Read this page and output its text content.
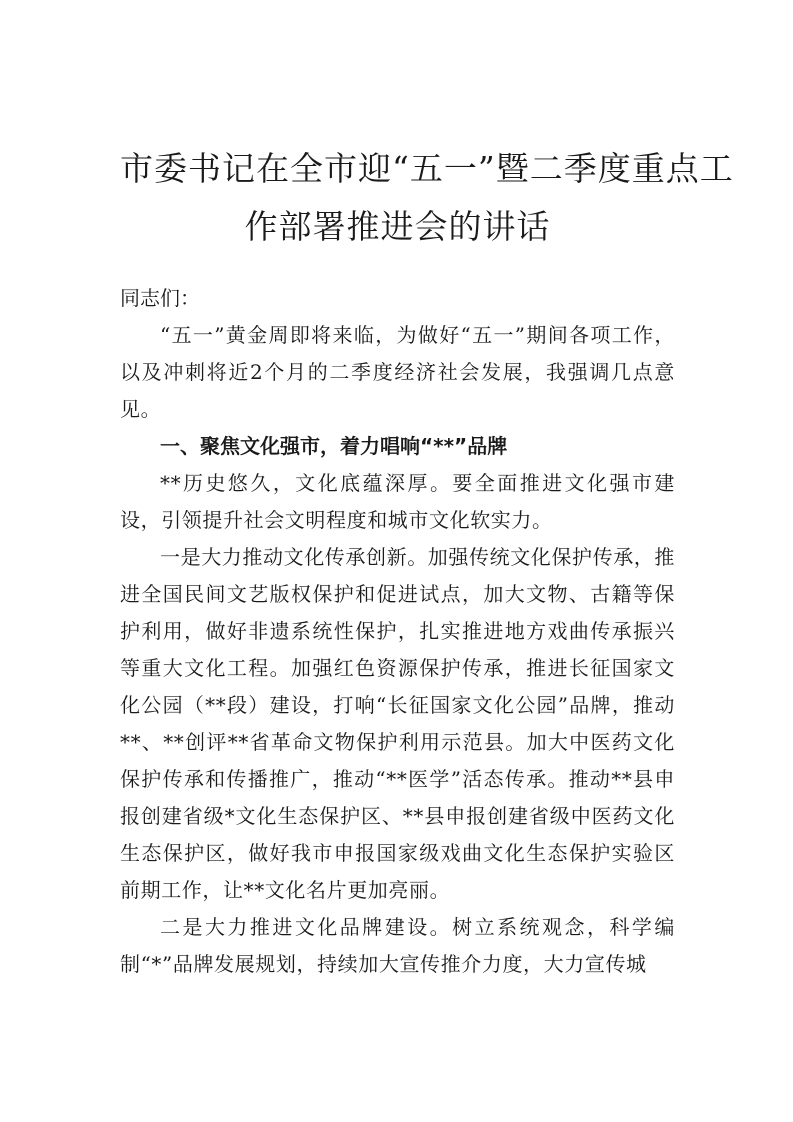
市委书记在全市迎“五一”暨二季度重点工
作部署推进会的讲话
同志们：

“五一”黄金周即将来临，为做好“五一”期间各项工作，以及冲刺将近2个月的二季度经济社会发展，我强调几点意见。

一、聚焦文化强市，着力唱响“**”品牌

**历史悠久，文化底蕴深厚。要全面推进文化强市建设，引领提升社会文明程度和城市文化软实力。

一是大力推动文化传承创新。加强传统文化保护传承，推进全国民间文艺版权保护和促进试点，加大文物、古籍等保护利用，做好非遗系统性保护，扎实推进地方戏曲传承振兴等重大文化工程。加强红色资源保护传承，推进长征国家文化公园（**段）建设，打响“长征国家文化公园”品牌，推动**、**创评**省革命文物保护利用示范县。加大中医药文化保护传承和传播推广，推动“**医学”活态传承。推动**县申报创建省级*文化生态保护区、**县申报创建省级中医药文化生态保护区，做好我市申报国家级戏曲文化生态保护实验区前期工作，让**文化名片更加亮丽。

二是大力推进文化品牌建设。树立系统观念，科学编制“*”品牌发展规划，持续加大宣传推介力度，大力宣传城
